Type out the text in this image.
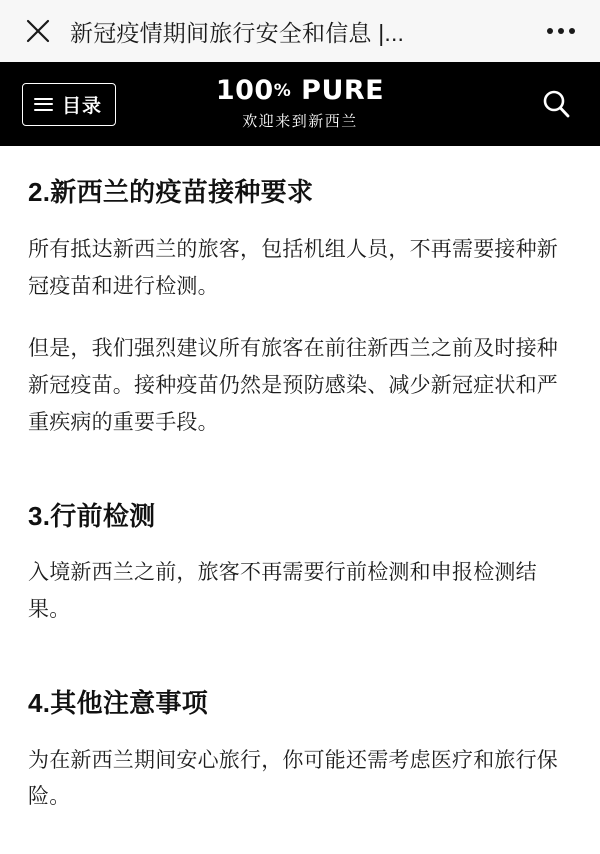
新冠疫情期间旅行安全和信息 |...
目录
100% PURE
欢迎来到新西兰
2.新西兰的疫苗接种要求

所有抵达新西兰的旅客，包括机组人员，不再需要接种新冠疫苗和进行检测。

但是，我们强烈建议所有旅客在前往新西兰之前及时接种新冠疫苗。接种疫苗仍然是预防感染、减少新冠症状和严重疾病的重要手段。

3.行前检测

入境新西兰之前，旅客不再需要行前检测和申报检测结果。

4.其他注意事项

为在新西兰期间安心旅行，你可能还需考虑医疗和旅行保险。
